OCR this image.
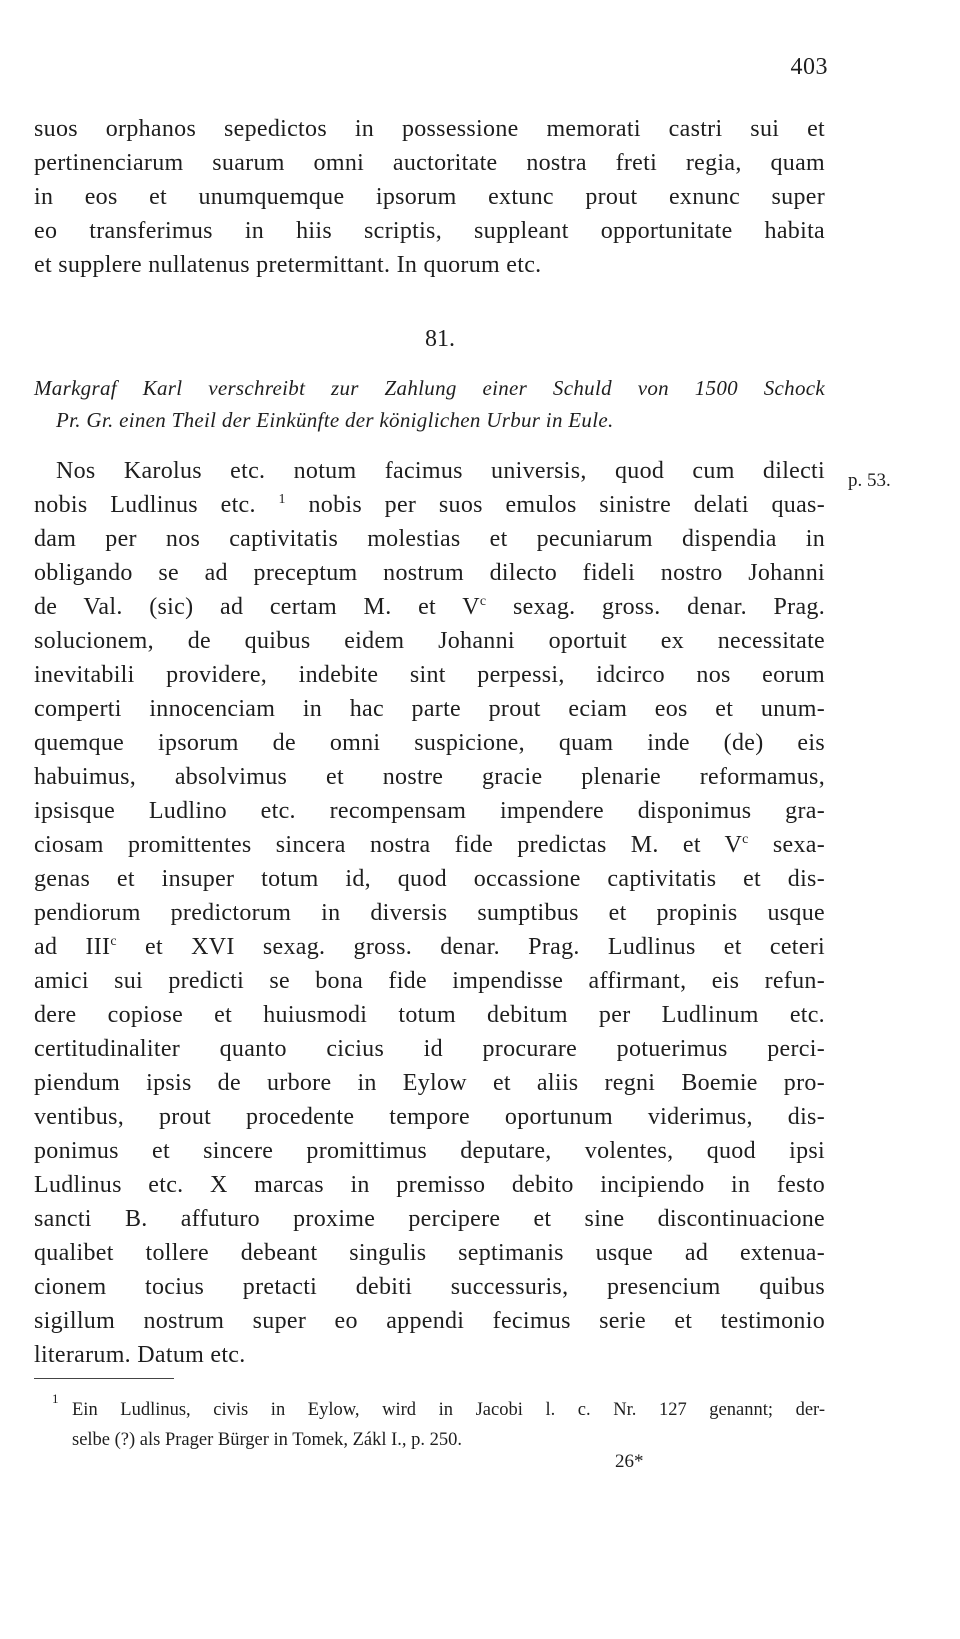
403
suos orphanos sepedictos in possessione memorati castri sui et
pertinenciarum suarum omni auctoritate nostra freti regia, quam
in eos et unumquemque ipsorum extunc prout exnunc super
eo transferimus in hiis scriptis, suppleant opportunitate habita
et supplere nullatenus pretermittant. In quorum etc.
81.
Markgraf Karl verschreibt zur Zahlung einer Schuld von 1500 Schock
Pr. Gr. einen Theil der Einkünfte der königlichen Urbur in Eule.
p. 53.
Nos Karolus etc. notum facimus universis, quod cum dilecti
nobis Ludlinus etc. $^1$ nobis per suos emulos sinistre delati quas-
dam per nos captivitatis molestias et pecuniarum dispendia in
obligando se ad preceptum nostrum dilecto fideli nostro Johanni
de Val. (sic) ad certam M. et $V^c$ sexag. gross. denar. Prag.
solucionem, de quibus eidem Johanni oportuit ex necessitate
inevitabili providere, indebite sint perpessi, idcirco nos eorum
comperti innocenciam in hac parte prout eciam eos et unum-
quemque ipsorum de omni suspicione, quam inde (de) eis
habuimus, absolvimus et nostre gracie plenarie reformamus,
ipsisque Ludlino etc. recompensam impendere disponimus gra-
ciosam promittentes sincera nostra fide predictas M. et $V^c$ sexa-
genas et insuper totum id, quod occassione captivitatis et dis-
pendiorum predictorum in diversis sumptibus et propinis usque
ad III$^c$ et XVI sexag. gross. denar. Prag. Ludlinus et ceteri
amici sui predicti se bona fide impendisse affirmant, eis refun-
dere copiose et huiusmodi totum debitum per Ludlinum etc.
certitudinaliter quanto cicius id procurare potuerimus perci-
piendum ipsis de urbore in Eylow et aliis regni Boemie pro-
ventibus, prout procedente tempore oportunum viderimus, dis-
ponimus et sincere promittimus deputare, volentes, quod ipsi
Ludlinus etc. X marcas in premisso debito incipiendo in festo
sancti B. affuturo proxime percipere et sine discontinuacione
qualibet tollere debeant singulis septimanis usque ad extenua-
cionem tocius pretacti debiti successuris, presencium quibus
sigillum nostrum super eo appendi fecimus serie et testimonio
literarum. Datum etc.
1
Ein Ludlinus, civis in Eylow, wird in Jacobi l. c. Nr. 127 genannt; der-
selbe (?) als Prager Bürger in Tomek, Zákl I., p. 250.
26*
